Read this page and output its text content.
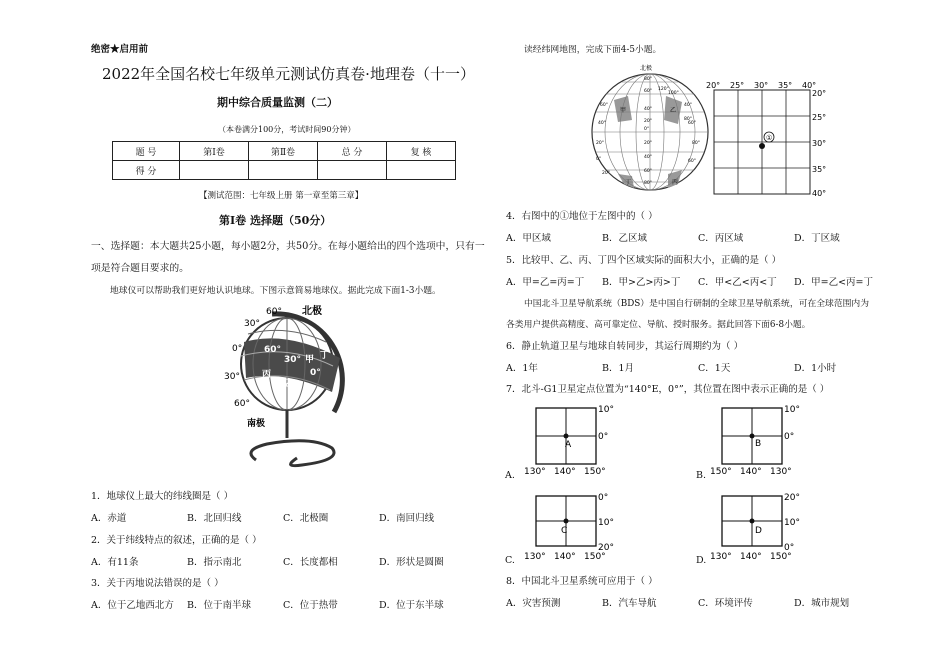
绝密★启用前
2022年全国名校七年级单元测试仿真卷·地理卷（十一）
期中综合质量监测（二）
（本卷满分100分，考试时间90分钟）
题 号	第Ⅰ卷	第Ⅱ卷	总 分	复 核
得 分				
【测试范围：七年级上册 第一章至第三章】
第Ⅰ卷 选择题（50分）
一、选择题：本大题共25小题，每小题2分，共50分。在每小题给出的四个选项中，只有一
项是符合题目要求的。
地球仪可以帮助我们更好地认识地球。下图示意简易地球仪。据此完成下面1-3小题。
北极
60°
30°
0°
30°
60°
南极
60°
30°
0°
甲 丁
丙
乙
1．地球仪上最大的纬线圈是（ ）
A．赤道	B．北回归线	C．北极圈	D．南回归线
2．关于纬线特点的叙述，正确的是（ ）
A．有11条	B．指示南北	C．长度都相	D．形状是圆圈
3．关于丙地说法错误的是（ ）
A．位于乙地西北方	B．位于南半球	C．位于热带	D．位于东半球
读经纬网地图，完成下面4-5小题。
北极
甲	乙
丙
丁
80°
60°
40°
20°
0°
20°
40°
60°
80°
60°
40°
20°
0°
20°
40°
60°
80°
120°
100°
80°
60°
①
20° 25° 30° 35° 40°
20°
25°
30°
35°
40°
4．右图中的①地位于左图中的（ ）
A．甲区域	B．乙区域	C．丙区域	D．丁区域
5．比较甲、乙、丙、丁四个区域实际的面积大小，正确的是（ ）
A．甲=乙=丙=丁	B．甲>乙>丙>丁	C．甲<乙<丙<丁	D．甲=乙<丙=丁
中国北斗卫星导航系统（BDS）是中国自行研制的全球卫星导航系统，可在全球范围内为
各类用户提供高精度、高可靠定位、导航、授时服务。据此回答下面6-8小题。
6．静止轨道卫星与地球自转同步，其运行周期约为（ ）
A．1年	B．1月	C．1天	D．1小时
7．北斗-G1卫星定点位置为“140°E，0°”，其位置在图中表示正确的是（ ）
A.
A
10°
0°
130° 140° 150°	B.
B
10°
0°
150° 140° 130°
C.
C
0°
10°
20°
130° 140° 150°	D.
D
20°
10°
0°
130° 140° 150°
8．中国北斗卫星系统可应用于（ ）
A．灾害预测	B．汽车导航	C．环境评传	D．城市规划
